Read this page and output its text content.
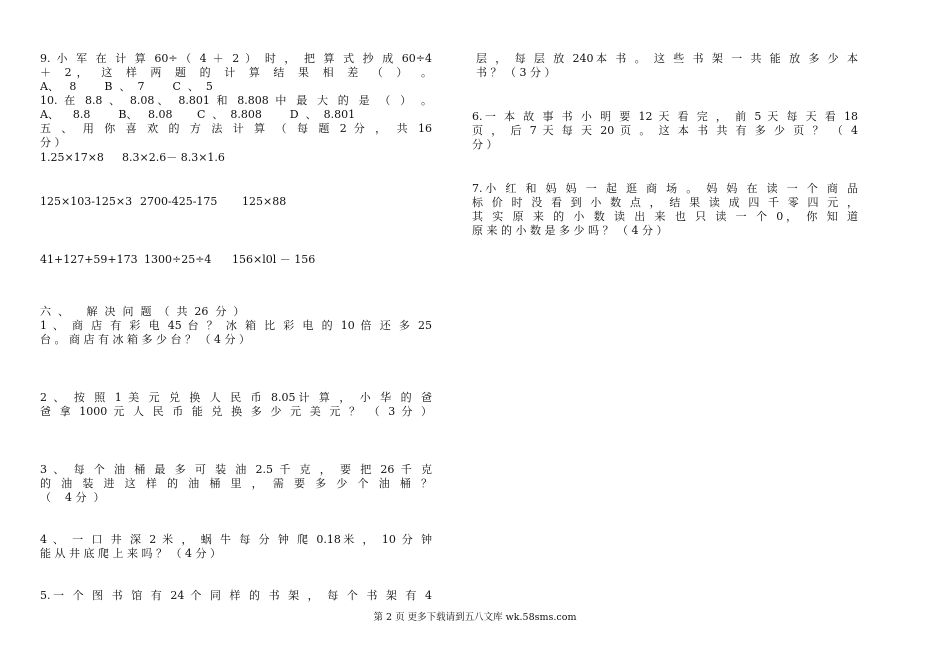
9. 小 军 在 计 算 60÷（ 4 ＋ 2 ） 时 ， 把 算 式 抄 成 60÷4
＋ 2， 这 样 两 题 的 计 算 结 果 相 差 （ ） 。
A、   8        B  、  7        C  、  5
10. 在 8.8 、 8.08、 8.801 和 8.808 中 最 大 的 是 （ ） 。
A、    8.8        B、   8.08       C  、  8.808        D  、  8.801
五 、 用 你 喜 欢 的 方 法 计 算 （ 每 题 2 分 ， 共 16
分 ）
1.25×17×8 8.3×2.6－ 8.3×1.6
125×103-125×3 2700-425-175 125×88
41+127+59+173 1300÷25÷4 156×l0l － 156
六  、     解  决  问  题  （  共  26  分  ）
1 、 商 店 有 彩 电 45 台 ？ 冰 箱 比 彩 电 的 10 倍 还 多 25
台 。 商 店 有 冰 箱 多 少 台 ？ （ 4 分 ）
2 、 按 照 1 美 元 兑 换 人 民 币 8.05计 算 ， 小 华 的 爸
爸 拿 1000 元 人 民 币 能 兑 换 多 少 元 美 元 ？ （ 3 分 ）
3 、 每 个 油 桶 最 多 可 装 油 2.5 千 克 ， 要 把 26 千 克
的 油 装 进 这 样 的 油 桶 里 ， 需 要 多 少 个 油 桶 ？
（    4 分  ）
4 、 一 口 井 深 2 米 ， 蜗 牛 每 分 钟 爬 0.18米 ， 10 分 钟
能 从 井 底 爬 上 来 吗 ？ （ 4 分 ）
5.一 个 图 书 馆 有 24 个 同 样 的 书 架 ， 每 个 书 架 有 4
层 ， 每 层 放 240本 书 。 这 些 书 架 一 共 能 放 多 少 本
书 ？ （ 3 分 ）
6.一 本 故 事 书 小 明 要 12 天 看 完 ， 前 5 天 每 天 看 18
页 ， 后 7 天 每 天 20 页 。 这 本 书 共 有 多 少 页 ？ （ 4
分 ）
7.小 红 和 妈 妈 一 起 逛 商 场 。 妈 妈 在 读 一 个 商 品
标 价 时 没 看 到 小 数 点 ， 结 果 读 成 四 千 零 四 元 ，
其 实 原 来 的 小 数 读 出 来 也 只 读 一 个 0， 你 知 道
原 来 的 小 数 是 多 少 吗 ？ （ 4 分 ）
第 2 页 更多下载请到五八文库 wk.58sms.com
